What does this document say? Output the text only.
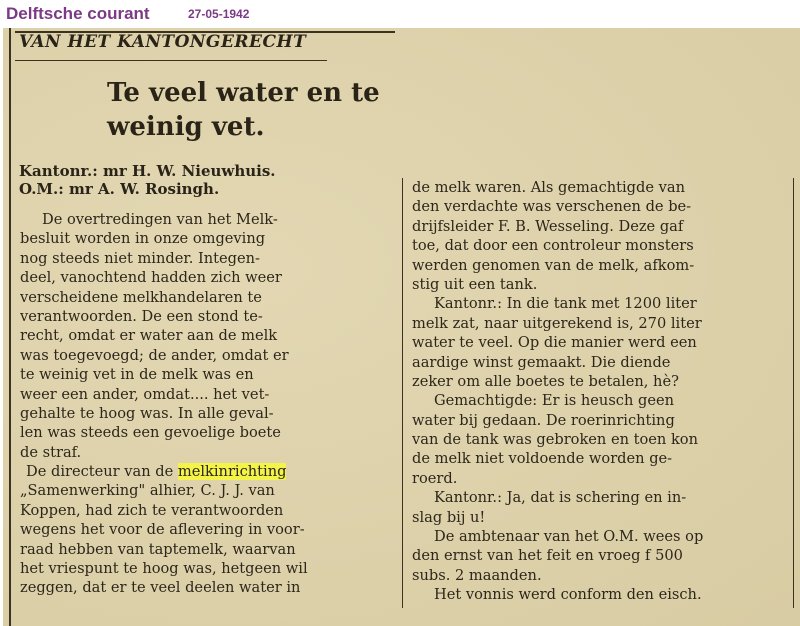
Delftsche courant	27-05-1942
VAN HET KANTONGERECHT
Te veel water en te
weinig vet.
Kantonr.: mr H. W. Nieuwhuis.
O.M.: mr A. W. Rosingh.
De overtredingen van het Melk-
besluit worden in onze omgeving
nog steeds niet minder. Integen-
deel, vanochtend hadden zich weer
verscheidene melkhandelaren te
verantwoorden. De een stond te-
recht, omdat er water aan de melk
was toegevoegd; de ander, omdat er
te weinig vet in de melk was en
weer een ander, omdat.... het vet-
gehalte te hoog was. In alle geval-
len was steeds een gevoelige boete
de straf.
De directeur van de melkinrichting
„Samenwerking" alhier, C. J. J. van
Koppen, had zich te verantwoorden
wegens het voor de aflevering in voor-
raad hebben van taptemelk, waarvan
het vriespunt te hoog was, hetgeen wil
zeggen, dat er te veel deelen water in
de melk waren. Als gemachtigde van
den verdachte was verschenen de be-
drijfsleider F. B. Wesseling. Deze gaf
toe, dat door een controleur monsters
werden genomen van de melk, afkom-
stig uit een tank.
Kantonr.: In die tank met 1200 liter
melk zat, naar uitgerekend is, 270 liter
water te veel. Op die manier werd een
aardige winst gemaakt. Die diende
zeker om alle boetes te betalen, hè?
Gemachtigde: Er is heusch geen
water bij gedaan. De roerinrichting
van de tank was gebroken en toen kon
de melk niet voldoende worden ge-
roerd.
Kantonr.: Ja, dat is schering en in-
slag bij u!
De ambtenaar van het O.M. wees op
den ernst van het feit en vroeg f 500
subs. 2 maanden.
Het vonnis werd conform den eisch.
